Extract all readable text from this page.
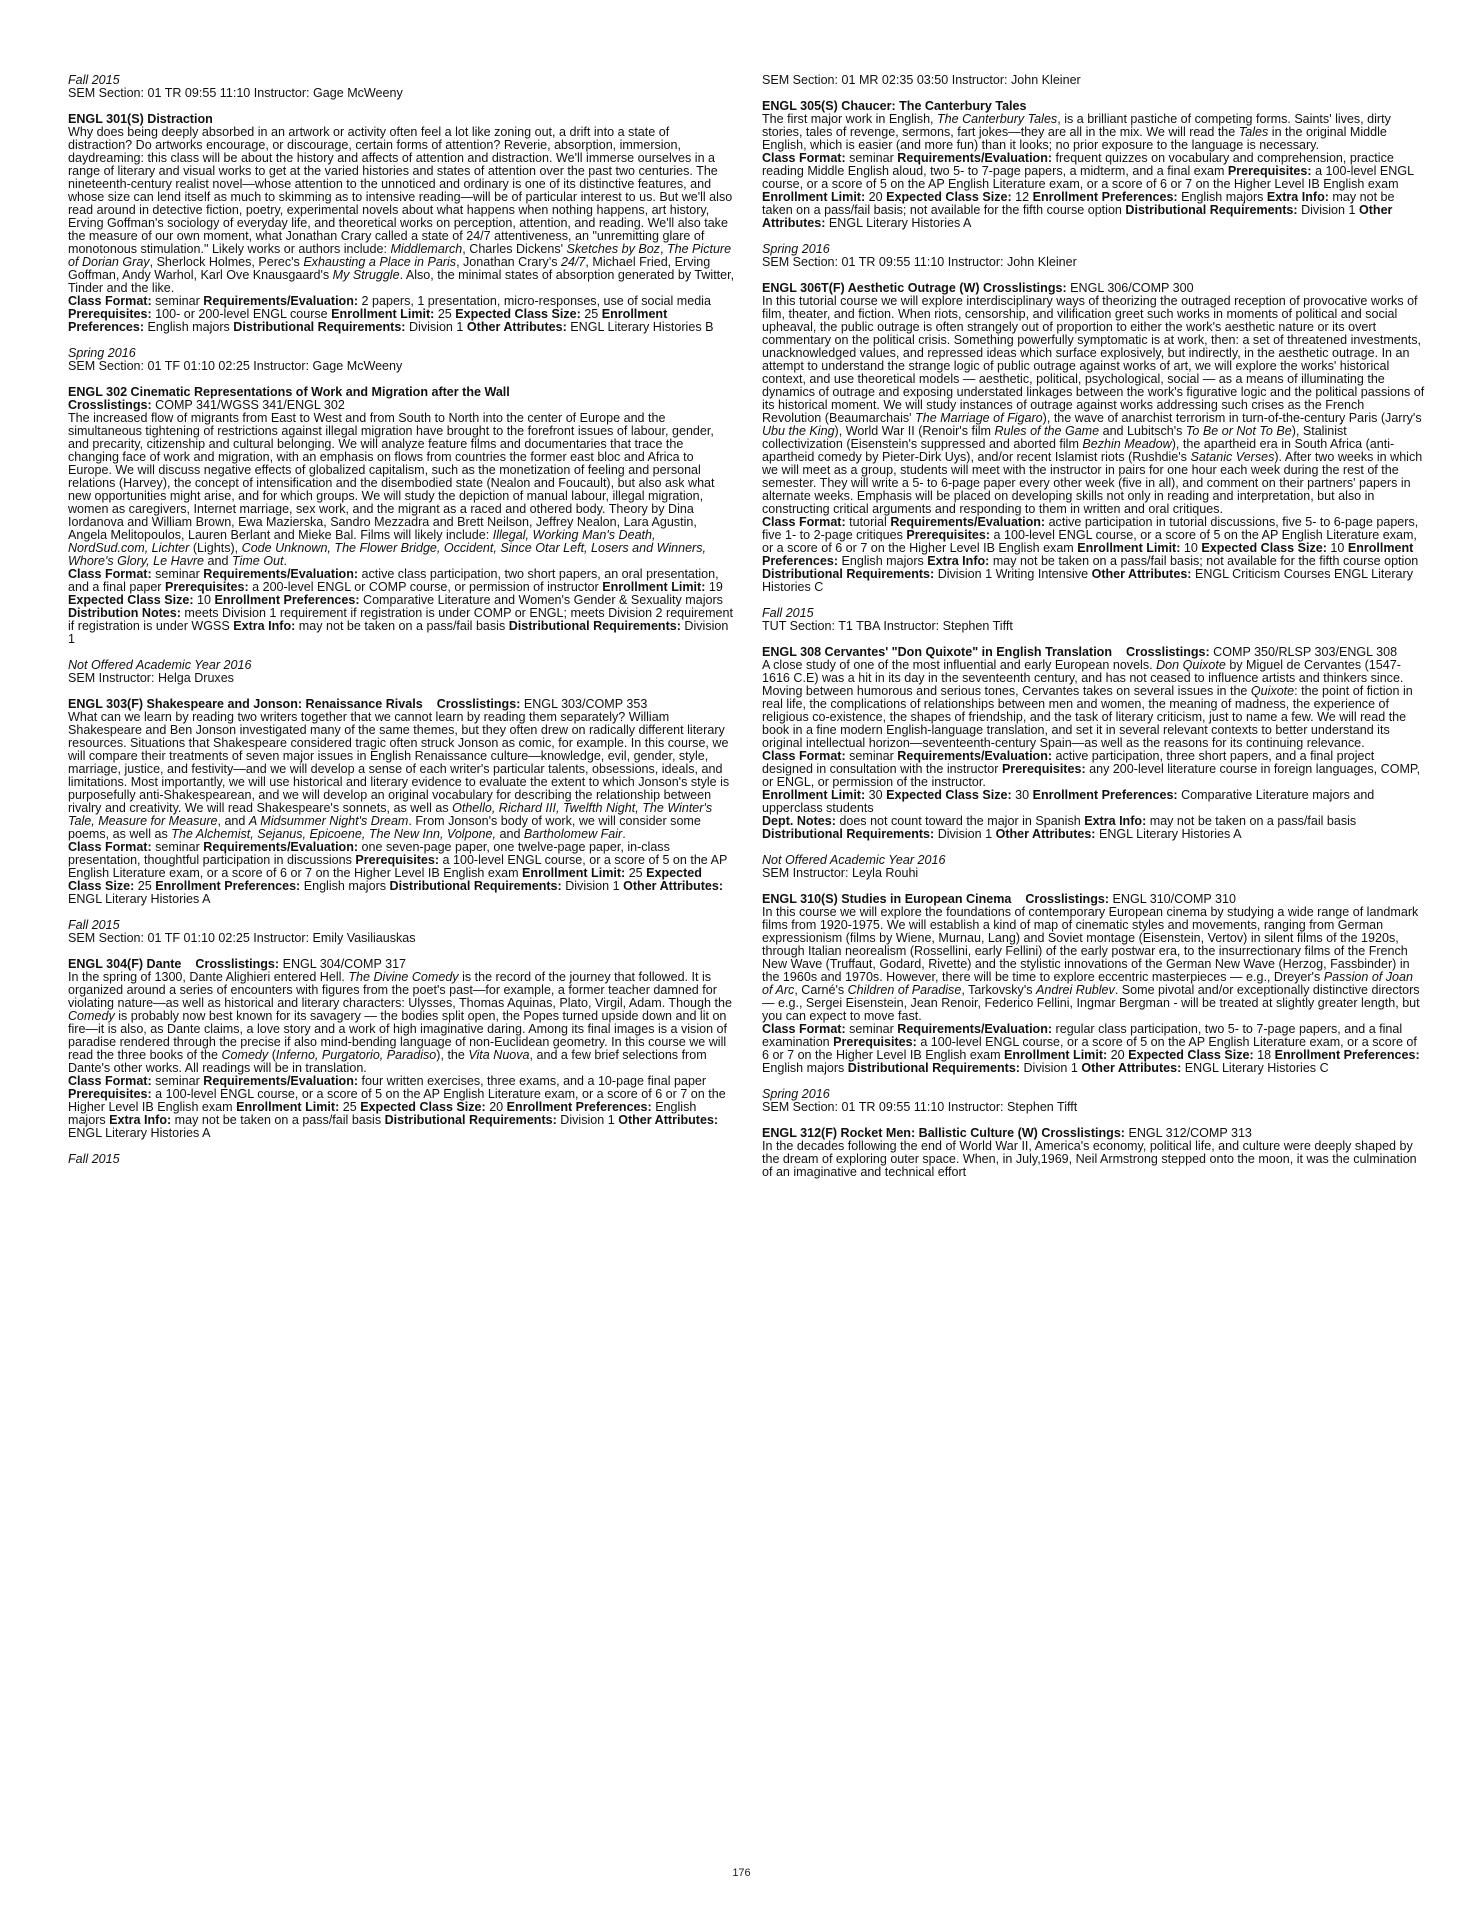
Fall 2015
SEM Section: 01 TR 09:55 11:10 Instructor: Gage McWeeny
ENGL 301(S) Distraction
Why does being deeply absorbed in an artwork or activity often feel a lot like zoning out, a drift into a state of distraction? Do artworks encourage, or discourage, certain forms of attention? Reverie, absorption, immersion, daydreaming: this class will be about the history and affects of attention and distraction. We'll immerse ourselves in a range of literary and visual works to get at the varied histories and states of attention over the past two centuries. The nineteenth-century realist novel—whose attention to the unnoticed and ordinary is one of its distinctive features, and whose size can lend itself as much to skimming as to intensive reading—will be of particular interest to us. But we'll also read around in detective fiction, poetry, experimental novels about what happens when nothing happens, art history, Erving Goffman's sociology of everyday life, and theoretical works on perception, attention, and reading. We'll also take the measure of our own moment, what Jonathan Crary called a state of 24/7 attentiveness, an "unremitting glare of monotonous stimulation." Likely works or authors include: Middlemarch, Charles Dickens' Sketches by Boz, The Picture of Dorian Gray, Sherlock Holmes, Perec's Exhausting a Place in Paris, Jonathan Crary's 24/7, Michael Fried, Erving Goffman, Andy Warhol, Karl Ove Knausgaard's My Struggle. Also, the minimal states of absorption generated by Twitter, Tinder and the like.
Class Format: seminar Requirements/Evaluation: 2 papers, 1 presentation, micro-responses, use of social media Prerequisites: 100- or 200-level ENGL course Enrollment Limit: 25 Expected Class Size: 25 Enrollment Preferences: English majors Distributional Requirements: Division 1 Other Attributes: ENGL Literary Histories B
Spring 2016
SEM Section: 01 TF 01:10 02:25 Instructor: Gage McWeeny
ENGL 302 Cinematic Representations of Work and Migration after the Wall
Crosslistings: COMP 341/WGSS 341/ENGL 302
The increased flow of migrants from East to West and from South to North into the center of Europe and the simultaneous tightening of restrictions against illegal migration have brought to the forefront issues of labour, gender, and precarity, citizenship and cultural belonging. We will analyze feature films and documentaries that trace the changing face of work and migration, with an emphasis on flows from countries the former east bloc and Africa to Europe. We will discuss negative effects of globalized capitalism, such as the monetization of feeling and personal relations (Harvey), the concept of intensification and the disembodied state (Nealon and Foucault), but also ask what new opportunities might arise, and for which groups. We will study the depiction of manual labour, illegal migration, women as caregivers, Internet marriage, sex work, and the migrant as a raced and othered body. Theory by Dina Iordanova and William Brown, Ewa Mazierska, Sandro Mezzadra and Brett Neilson, Jeffrey Nealon, Lara Agustin, Angela Melitopoulos, Lauren Berlant and Mieke Bal. Films will likely include: Illegal, Working Man's Death, NordSud.com, Lichter (Lights), Code Unknown, The Flower Bridge, Occident, Since Otar Left, Losers and Winners, Whore's Glory, Le Havre and Time Out.
Class Format: seminar Requirements/Evaluation: active class participation, two short papers, an oral presentation, and a final paper Prerequisites: a 200-level ENGL or COMP course, or permission of instructor Enrollment Limit: 19 Expected Class Size: 10 Enrollment Preferences: Comparative Literature and Women's Gender & Sexuality majors Distribution Notes: meets Division 1 requirement if registration is under COMP or ENGL; meets Division 2 requirement if registration is under WGSS Extra Info: may not be taken on a pass/fail basis Distributional Requirements: Division 1
Not Offered Academic Year 2016
SEM Instructor: Helga Druxes
ENGL 303(F) Shakespeare and Jonson: Renaissance Rivals Crosslistings: ENGL 303/COMP 353
What can we learn by reading two writers together that we cannot learn by reading them separately? William Shakespeare and Ben Jonson investigated many of the same themes, but they often drew on radically different literary resources. Situations that Shakespeare considered tragic often struck Jonson as comic, for example. In this course, we will compare their treatments of seven major issues in English Renaissance culture—knowledge, evil, gender, style, marriage, justice, and festivity—and we will develop a sense of each writer's particular talents, obsessions, ideals, and limitations. Most importantly, we will use historical and literary evidence to evaluate the extent to which Jonson's style is purposefully anti-Shakespearean, and we will develop an original vocabulary for describing the relationship between rivalry and creativity. We will read Shakespeare's sonnets, as well as Othello, Richard III, Twelfth Night, The Winter's Tale, Measure for Measure, and A Midsummer Night's Dream. From Jonson's body of work, we will consider some poems, as well as The Alchemist, Sejanus, Epicoene, The New Inn, Volpone, and Bartholomew Fair.
Class Format: seminar Requirements/Evaluation: one seven-page paper, one twelve-page paper, in-class presentation, thoughtful participation in discussions Prerequisites: a 100-level ENGL course, or a score of 5 on the AP English Literature exam, or a score of 6 or 7 on the Higher Level IB English exam Enrollment Limit: 25 Expected Class Size: 25 Enrollment Preferences: English majors Distributional Requirements: Division 1 Other Attributes: ENGL Literary Histories A
Fall 2015
SEM Section: 01 TF 01:10 02:25 Instructor: Emily Vasiliauskas
ENGL 304(F) Dante Crosslistings: ENGL 304/COMP 317
In the spring of 1300, Dante Alighieri entered Hell. The Divine Comedy is the record of the journey that followed. It is organized around a series of encounters with figures from the poet's past—for example, a former teacher damned for violating nature—as well as historical and literary characters: Ulysses, Thomas Aquinas, Plato, Virgil, Adam. Though the Comedy is probably now best known for its savagery — the bodies split open, the Popes turned upside down and lit on fire—it is also, as Dante claims, a love story and a work of high imaginative daring. Among its final images is a vision of paradise rendered through the precise if also mind-bending language of non-Euclidean geometry. In this course we will read the three books of the Comedy (Inferno, Purgatorio, Paradiso), the Vita Nuova, and a few brief selections from Dante's other works. All readings will be in translation.
Class Format: seminar Requirements/Evaluation: four written exercises, three exams, and a 10-page final paper Prerequisites: a 100-level ENGL course, or a score of 5 on the AP English Literature exam, or a score of 6 or 7 on the Higher Level IB English exam Enrollment Limit: 25 Expected Class Size: 20 Enrollment Preferences: English majors Extra Info: may not be taken on a pass/fail basis Distributional Requirements: Division 1 Other Attributes: ENGL Literary Histories A
Fall 2015
SEM Section: 01 MR 02:35 03:50 Instructor: John Kleiner
ENGL 305(S) Chaucer: The Canterbury Tales
The first major work in English, The Canterbury Tales, is a brilliant pastiche of competing forms. Saints' lives, dirty stories, tales of revenge, sermons, fart jokes—they are all in the mix. We will read the Tales in the original Middle English, which is easier (and more fun) than it looks; no prior exposure to the language is necessary.
Class Format: seminar Requirements/Evaluation: frequent quizzes on vocabulary and comprehension, practice reading Middle English aloud, two 5- to 7-page papers, a midterm, and a final exam Prerequisites: a 100-level ENGL course, or a score of 5 on the AP English Literature exam, or a score of 6 or 7 on the Higher Level IB English exam Enrollment Limit: 20 Expected Class Size: 12 Enrollment Preferences: English majors Extra Info: may not be taken on a pass/fail basis; not available for the fifth course option Distributional Requirements: Division 1 Other Attributes: ENGL Literary Histories A
Spring 2016
SEM Section: 01 TR 09:55 11:10 Instructor: John Kleiner
ENGL 306T(F) Aesthetic Outrage (W) Crosslistings: ENGL 306/COMP 300
In this tutorial course we will explore interdisciplinary ways of theorizing the outraged reception of provocative works of film, theater, and fiction. When riots, censorship, and vilification greet such works in moments of political and social upheaval, the public outrage is often strangely out of proportion to either the work's aesthetic nature or its overt commentary on the political crisis. Something powerfully symptomatic is at work, then: a set of threatened investments, unacknowledged values, and repressed ideas which surface explosively, but indirectly, in the aesthetic outrage. In an attempt to understand the strange logic of public outrage against works of art, we will explore the works' historical context, and use theoretical models — aesthetic, political, psychological, social — as a means of illuminating the dynamics of outrage and exposing understated linkages between the work's figurative logic and the political passions of its historical moment. We will study instances of outrage against works addressing such crises as the French Revolution (Beaumarchais' The Marriage of Figaro), the wave of anarchist terrorism in turn-of-the-century Paris (Jarry's Ubu the King), World War II (Renoir's film Rules of the Game and Lubitsch's To Be or Not To Be), Stalinist collectivization (Eisenstein's suppressed and aborted film Bezhin Meadow), the apartheid era in South Africa (anti-apartheid comedy by Pieter-Dirk Uys), and/or recent Islamist riots (Rushdie's Satanic Verses). After two weeks in which we will meet as a group, students will meet with the instructor in pairs for one hour each week during the rest of the semester. They will write a 5- to 6-page paper every other week (five in all), and comment on their partners' papers in alternate weeks. Emphasis will be placed on developing skills not only in reading and interpretation, but also in constructing critical arguments and responding to them in written and oral critiques.
Class Format: tutorial Requirements/Evaluation: active participation in tutorial discussions, five 5- to 6-page papers, five 1- to 2-page critiques Prerequisites: a 100-level ENGL course, or a score of 5 on the AP English Literature exam, or a score of 6 or 7 on the Higher Level IB English exam Enrollment Limit: 10 Expected Class Size: 10 Enrollment Preferences: English majors Extra Info: may not be taken on a pass/fail basis; not available for the fifth course option Distributional Requirements: Division 1 Writing Intensive Other Attributes: ENGL Criticism Courses ENGL Literary Histories C
Fall 2015
TUT Section: T1 TBA Instructor: Stephen Tifft
ENGL 308 Cervantes' "Don Quixote" in English Translation Crosslistings: COMP 350/RLSP 303/ENGL 308
A close study of one of the most influential and early European novels. Don Quixote by Miguel de Cervantes (1547-1616 C.E) was a hit in its day in the seventeenth century, and has not ceased to influence artists and thinkers since. Moving between humorous and serious tones, Cervantes takes on several issues in the Quixote: the point of fiction in real life, the complications of relationships between men and women, the meaning of madness, the experience of religious co-existence, the shapes of friendship, and the task of literary criticism, just to name a few. We will read the book in a fine modern English-language translation, and set it in several relevant contexts to better understand its original intellectual horizon—seventeenth-century Spain—as well as the reasons for its continuing relevance.
Class Format: seminar Requirements/Evaluation: active participation, three short papers, and a final project designed in consultation with the instructor Prerequisites: any 200-level literature course in foreign languages, COMP, or ENGL, or permission of the instructor.
Enrollment Limit: 30 Expected Class Size: 30 Enrollment Preferences: Comparative Literature majors and upperclass students
Dept. Notes: does not count toward the major in Spanish Extra Info: may not be taken on a pass/fail basis Distributional Requirements: Division 1 Other Attributes: ENGL Literary Histories A
Not Offered Academic Year 2016
SEM Instructor: Leyla Rouhi
ENGL 310(S) Studies in European Cinema Crosslistings: ENGL 310/COMP 310
In this course we will explore the foundations of contemporary European cinema by studying a wide range of landmark films from 1920-1975. We will establish a kind of map of cinematic styles and movements, ranging from German expressionism (films by Wiene, Murnau, Lang) and Soviet montage (Eisenstein, Vertov) in silent films of the 1920s, through Italian neorealism (Rossellini, early Fellini) of the early postwar era, to the insurrectionary films of the French New Wave (Truffaut, Godard, Rivette) and the stylistic innovations of the German New Wave (Herzog, Fassbinder) in the 1960s and 1970s. However, there will be time to explore eccentric masterpieces — e.g., Dreyer's Passion of Joan of Arc, Carné's Children of Paradise, Tarkovsky's Andrei Rublev. Some pivotal and/or exceptionally distinctive directors — e.g., Sergei Eisenstein, Jean Renoir, Federico Fellini, Ingmar Bergman - will be treated at slightly greater length, but you can expect to move fast.
Class Format: seminar Requirements/Evaluation: regular class participation, two 5- to 7-page papers, and a final examination Prerequisites: a 100-level ENGL course, or a score of 5 on the AP English Literature exam, or a score of 6 or 7 on the Higher Level IB English exam Enrollment Limit: 20 Expected Class Size: 18 Enrollment Preferences: English majors Distributional Requirements: Division 1 Other Attributes: ENGL Literary Histories C
Spring 2016
SEM Section: 01 TR 09:55 11:10 Instructor: Stephen Tifft
ENGL 312(F) Rocket Men: Ballistic Culture (W) Crosslistings: ENGL 312/COMP 313
In the decades following the end of World War II, America's economy, political life, and culture were deeply shaped by the dream of exploring outer space. When, in July,1969, Neil Armstrong stepped onto the moon, it was the culmination of an imaginative and technical effort
176
